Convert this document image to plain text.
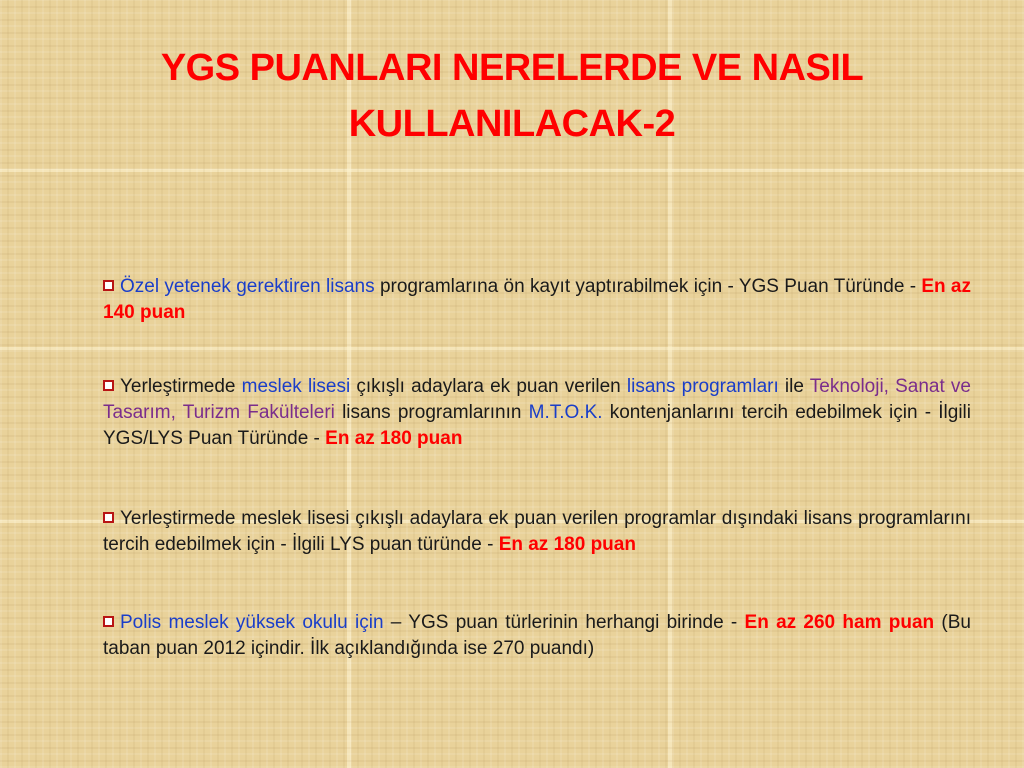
YGS PUANLARI NERELERDE VE NASIL
KULLANILACAK-2

Özel yetenek gerektiren lisans programlarına ön kayıt yaptırabilmek için - YGS Puan Türünde - En az 140 puan

Yerleştirmede meslek lisesi çıkışlı adaylara ek puan verilen lisans programları ile Teknoloji, Sanat ve Tasarım, Turizm Fakülteleri lisans programlarının M.T.O.K. kontenjanlarını tercih edebilmek için - İlgili YGS/LYS Puan Türünde - En az 180 puan

Yerleştirmede meslek lisesi çıkışlı adaylara ek puan verilen programlar dışındaki lisans programlarını tercih edebilmek için - İlgili LYS puan türünde - En az 180 puan

Polis meslek yüksek okulu için – YGS puan türlerinin herhangi birinde - En az 260 ham puan (Bu taban puan 2012 içindir. İlk açıklandığında ise 270 puandı)
